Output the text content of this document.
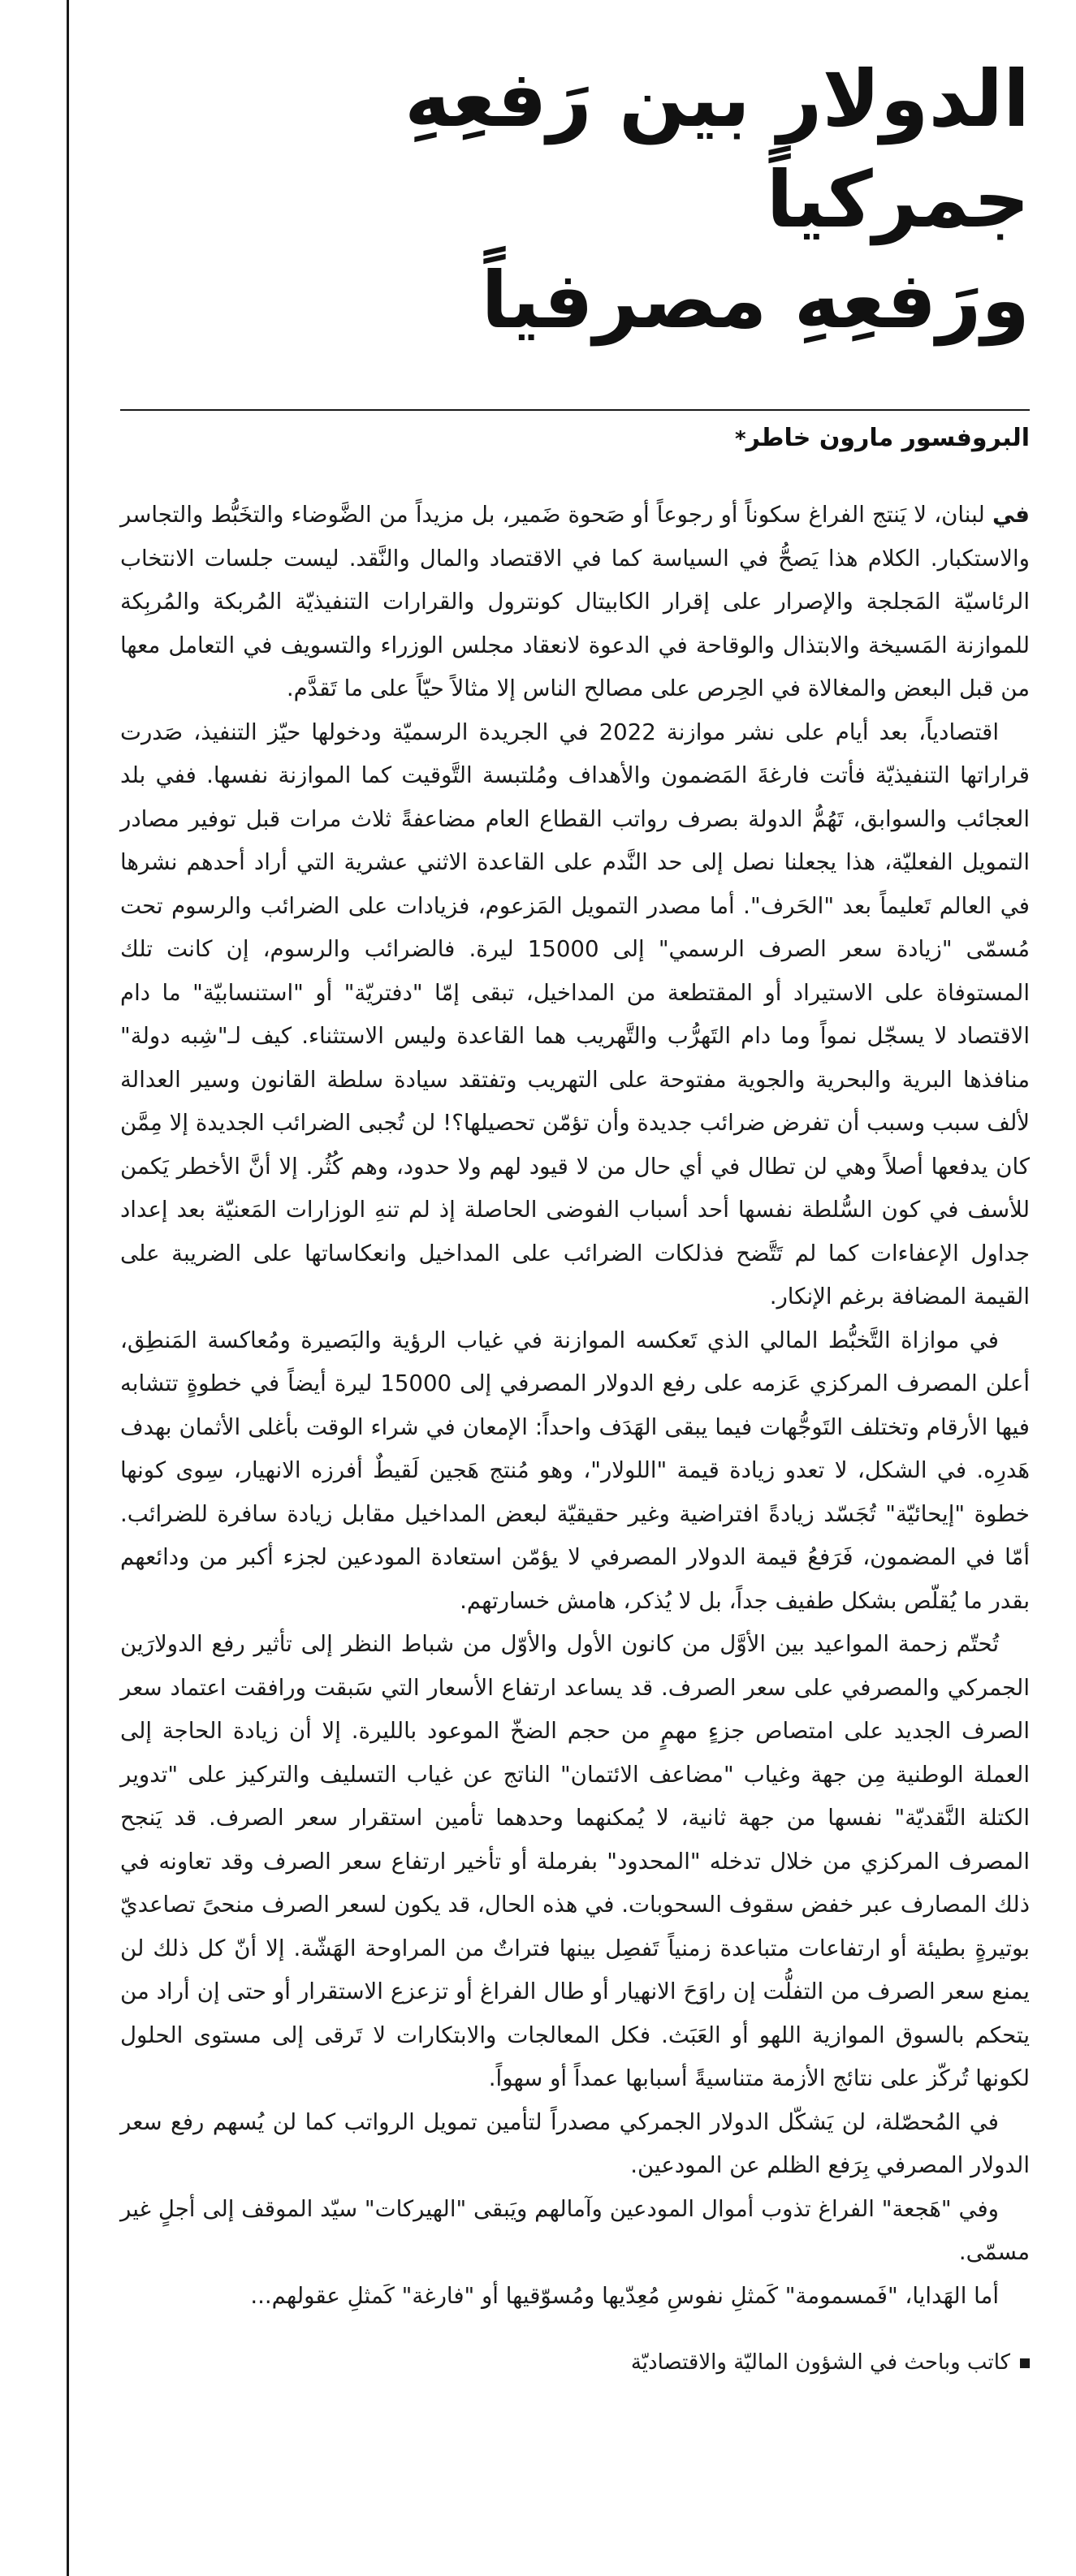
الدولار بين رَفعِهِ جمركياً
ورَفعِهِ مصرفياً
البروفسور مارون خاطر*

في لبنان، لا يَنتج الفراغ سكوناً أو رجوعاً أو صَحوة ضَمير، بل مزيداً من الضَّوضاء والتخَبُّط والتجاسر والاستكبار. الكلام هذا يَصحُّ في السياسة كما في الاقتصاد والمال والنَّقد. ليست جلسات الانتخاب الرئاسيّة المَجلجة والإصرار على إقرار الكابيتال كونترول والقرارات التنفيذيّة المُربكة والمُربِكة للموازنة المَسيخة والابتذال والوقاحة في الدعوة لانعقاد مجلس الوزراء والتسويف في التعامل معها من قبل البعض والمغالاة في الحِرص على مصالح الناس إلا مثالاً حيّاً على ما تَقدَّم.

اقتصادياً، بعد أيام على نشر موازنة 2022 في الجريدة الرسميّة ودخولها حيّز التنفيذ، صَدرت قراراتها التنفيذيّة فأتت فارغةَ المَضمون والأهداف ومُلتبسة التَّوقيت كما الموازنة نفسها. ففي بلد العجائب والسوابق، تَهُمُّ الدولة بصرف رواتب القطاع العام مضاعفةً ثلاث مرات قبل توفير مصادر التمويل الفعليّة، هذا يجعلنا نصل إلى حد النَّدم على القاعدة الاثني عشرية التي أراد أحدهم نشرها في العالم تَعليماً بعد "الحَرف". أما مصدر التمويل المَزعوم، فزيادات على الضرائب والرسوم تحت مُسمّى "زيادة سعر الصرف الرسمي" إلى 15000 ليرة. فالضرائب والرسوم، إن كانت تلك المستوفاة على الاستيراد أو المقتطعة من المداخيل، تبقى إمّا "دفتريّة" أو "استنسابيّة" ما دام الاقتصاد لا يسجّل نمواً وما دام التَهرُّب والتَّهريب هما القاعدة وليس الاستثناء. كيف لـ"شِبه دولة" منافذها البرية والبحرية والجوية مفتوحة على التهريب وتفتقد سيادة سلطة القانون وسير العدالة لألف سبب وسبب أن تفرض ضرائب جديدة وأن تؤمّن تحصيلها؟! لن تُجبى الضرائب الجديدة إلا مِمَّن كان يدفعها أصلاً وهي لن تطال في أي حال من لا قيود لهم ولا حدود، وهم كُثُر. إلا أنَّ الأخطر يَكمن للأسف في كون السُّلطة نفسها أحد أسباب الفوضى الحاصلة إذ لم تنهِ الوزارات المَعنيّة بعد إعداد جداول الإعفاءات كما لم تَتَّضح فذلكات الضرائب على المداخيل وانعكاساتها على الضريبة على القيمة المضافة برغم الإنكار.

في موازاة التَّخبُّط المالي الذي تَعكسه الموازنة في غياب الرؤية والبَصيرة ومُعاكسة المَنطِق، أعلن المصرف المركزي عَزمه على رفع الدولار المصرفي إلى 15000 ليرة أيضاً في خطوةٍ تتشابه فيها الأرقام وتختلف التَوجُّهات فيما يبقى الهَدَف واحداً: الإمعان في شراء الوقت بأغلى الأثمان بهدف هَدرِه. في الشكل، لا تعدو زيادة قيمة "اللولار"، وهو مُنتج هَجين لَقيطٌ أفرزه الانهيار، سِوى كونها خطوة "إيحائيّة" تُجَسّد زيادةً افتراضية وغير حقيقيّة لبعض المداخيل مقابل زيادة سافرة للضرائب. أمّا في المضمون، فَرَفعُ قيمة الدولار المصرفي لا يؤمّن استعادة المودعين لجزء أكبر من ودائعهم بقدر ما يُقلّص بشكل طفيف جداً، بل لا يُذكر، هامش خسارتهم.

تُحتّم زحمة المواعيد بين الأوَّل من كانون الأول والأوّل من شباط النظر إلى تأثير رفع الدولارَين الجمركي والمصرفي على سعر الصرف. قد يساعد ارتفاع الأسعار التي سَبقت ورافقت اعتماد سعر الصرف الجديد على امتصاص جزءٍ مهمٍ من حجم الضخّ الموعود بالليرة. إلا أن زيادة الحاجة إلى العملة الوطنية مِن جهة وغياب "مضاعف الائتمان" الناتج عن غياب التسليف والتركيز على "تدوير الكتلة النَّقديّة" نفسها من جهة ثانية، لا يُمكنهما وحدهما تأمين استقرار سعر الصرف. قد يَنجح المصرف المركزي من خلال تدخله "المحدود" بفرملة أو تأخير ارتفاع سعر الصرف وقد تعاونه في ذلك المصارف عبر خفض سقوف السحوبات. في هذه الحال، قد يكون لسعر الصرف منحىً تصاعديّ بوتيرةٍ بطيئة أو ارتفاعات متباعدة زمنياً تَفصِل بينها فتراتٌ من المراوحة الهَشّة. إلا أنّ كل ذلك لن يمنع سعر الصرف من التفلُّت إن راوَحَ الانهيار أو طال الفراغ أو تزعزع الاستقرار أو حتى إن أراد من يتحكم بالسوق الموازية اللهو أو العَبَث. فكل المعالجات والابتكارات لا تَرقى إلى مستوى الحلول لكونها تُركّز على نتائج الأزمة متناسيةً أسبابها عمداً أو سهواً.

في المُحصّلة، لن يَشكّل الدولار الجمركي مصدراً لتأمين تمويل الرواتب كما لن يُسهم رفع سعر الدولار المصرفي بِرَفع الظلم عن المودعين.

وفي "هَجعة" الفراغ تذوب أموال المودعين وآمالهم ويَبقى "الهيركات" سيّد الموقف إلى أجلٍ غير مسمّى.

أما الهَدايا، "فَمسمومة" كَمثلِ نفوسِ مُعِدّيها ومُسوّقيها أو "فارغة" كَمثلِ عقولهم...

كاتب وباحث في الشؤون الماليّة والاقتصاديّة
